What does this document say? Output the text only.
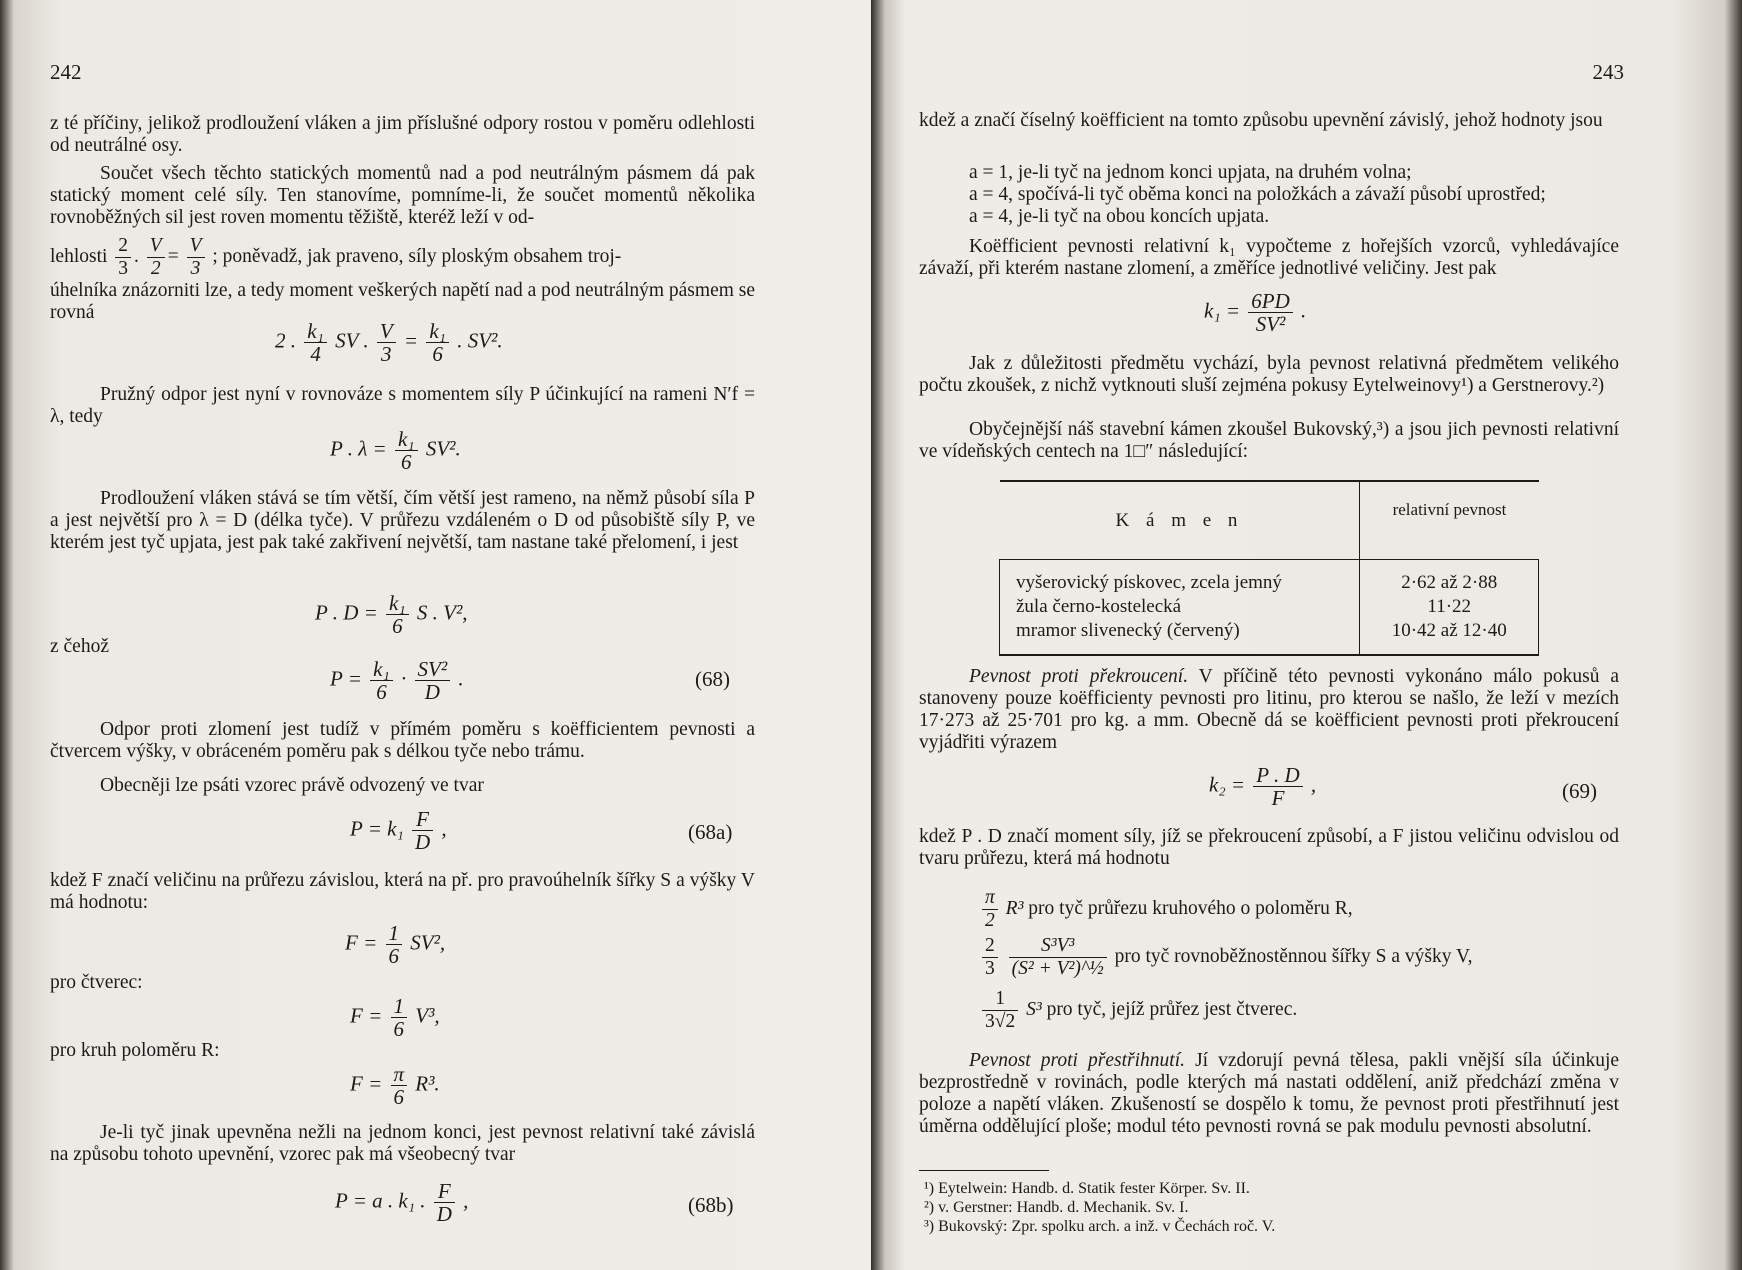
242
z té příčiny, jelikož prodloužení vláken a jim příslušné odpory rostou v poměru odlehlosti od neutrálné osy.
Součet všech těchto statických momentů nad a pod neutrálným pásmem dá pak statický moment celé síly. Ten stanovíme, pomníme-li, že součet momentů několika rovnoběžných sil jest roven momentu těžiště, kteréž leží v od-
lehlosti $\frac{2}{3}$ . $\frac{V}{2} = \frac{V}{3}$ ; poněvadž, jak praveno, síly ploským obsahem troj-
úhelníka znázorniti lze, a tedy moment veškerých napětí nad a pod neutrálným pásmem se rovná
2 . $\frac{\text{k₁}}{4}$ SV . $\frac{V}{3} = \frac{\text{k₁}}{6}$ . SV².
Pružný odpor jest nyní v rovnováze s momentem síly P účinkující na rameni N′f = λ, tedy
P . $\lambda = \frac{\text{k₁}}{6} SV^2$.
Prodloužení vláken stává se tím větší, čím větší jest rameno, na němž působí síla P a jest největší pro λ = D (délka tyče). V průřezu vzdáleném o D od působiště síly P, ve kterém jest tyč upjata, jest pak také zakřivení největší, tam nastane také přelomení, i jest
P . $D = \frac{\text{k₁}}{6}$ S . V²,
z čehož
$P = \frac{\text{k₁}}{6} \cdot \frac{\text{SV²}}{D}$ .	(68)
Odpor proti zlomení jest tudíž v přímém poměru s koëfficientem pevnosti a čtvercem výšky, v obráceném poměru pak s délkou tyče nebo trámu.
Obecněji lze psáti vzorec právě odvozený ve tvar
$P = k_1 \frac{F}{D}$ ,	(68a)
kdež F značí veličinu na průřezu závislou, která na př. pro pravoúhelník šířky S a výšky V má hodnotu:
$F = \frac{1}{6} SV^2$,
pro čtverec:
$F = \frac{1}{6} V^3$,
pro kruh poloměru R:
$F = \frac{\pi}{6} R^3$.
Je-li tyč jinak upevněna nežli na jednom konci, jest pevnost relativní také závislá na způsobu tohoto upevnění, vzorec pak má všeobecný tvar
P = a . k₁ . $\frac{F}{D}$ ,	(68b)
243
kdež a značí číselný koëfficient na tomto způsobu upevnění závislý, jehož hodnoty jsou
a = 1, je-li tyč na jednom konci upjata, na druhém volna;
a = 4, spočívá-li tyč oběma konci na položkách a závaží působí uprostřed;
a = 4, je-li tyč na obou koncích upjata.
Koëfficient pevnosti relativní k₁ vypočteme z hořejších vzorců, vyhledávajíce závaží, při kterém nastane zlomení, a změříce jednotlivé veličiny. Jest pak
$k_1 = \frac{6PD}{\text{SV²}}$ .
Jak z důležitosti předmětu vychází, byla pevnost relativná předmětem velikého počtu zkoušek, z nichž vytknouti sluší zejména pokusy Eytelweinovy¹) a Gerstnerovy.²)
Obyčejnější náš stavební kámen zkoušel Bukovský,³) a jsou jich pevnosti relativní ve vídeňských centech na 1□″ následující:
K á m e n	relativní pevnost
vyšerovický pískovec, zcela jemný	2·62 až 2·88
žula černo-kostelecká	11·22
mramor slivenecký (červený)	10·42 až 12·40
Pevnost proti překroucení. V příčině této pevnosti vykonáno málo pokusů a stanoveny pouze koëfficienty pevnosti pro litinu, pro kterou se našlo, že leží v mezích 17·273 až 25·701 pro kg. a mm. Obecně dá se koëfficient pevnosti proti překroucení vyjádřiti výrazem
$k_2 = \frac{P . D}{F}$ ,	(69)
kdež P . D značí moment síly, jíž se překroucení způsobí, a F jistou veličinu odvislou od tvaru průřezu, která má hodnotu
$\frac{\pi}{2} R^3$ pro tyč průřezu kruhového o poloměru R,
$\frac{2}{3}$
$\frac{\text{S³V³}}{\text{(S² + V²)\textasciicircum{}½}}$ pro tyč rovnoběžnostěnnou šířky S a výšky V,
$\frac{1}{3√2} S^3$ pro tyč, jejíž průřez jest čtverec.
Pevnost proti přestřihnutí. Jí vzdorují pevná tělesa, pakli vnější síla účinkuje bezprostředně v rovinách, podle kterých má nastati oddělení, aniž předchází změna v poloze a napětí vláken. Zkušeností se dospělo k tomu, že pevnost proti přestřihnutí jest úměrna oddělující ploše; modul této pevnosti rovná se pak modulu pevnosti absolutní.
¹) Eytelwein: Handb. d. Statik fester Körper. Sv. II.
²) v. Gerstner: Handb. d. Mechanik. Sv. I.
³) Bukovský: Zpr. spolku arch. a inž. v Čechách roč. V.
